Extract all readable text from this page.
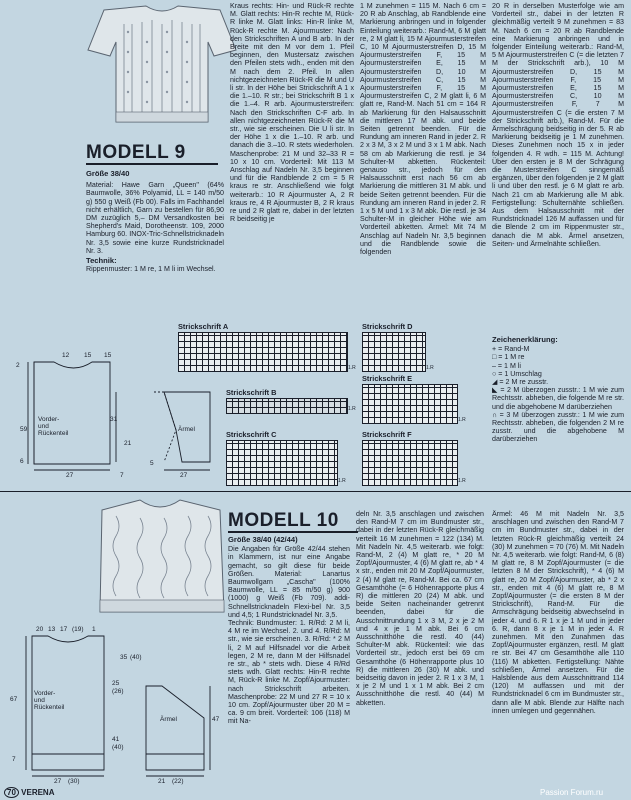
MODELL 9

Größe 38/40

Material: Hawe Garn „Queen" (64% Baumwolle, 36% Polyamid, LL = 140 m/50 g) 550 g Weiß (Fb 00). Falls im Fachhandel nicht erhältlich, Garn zu bestellen für 86,90 DM zuzüglich 5,– DM Versandkosten bei Shepherd's Maid, Dorotheenstr. 109, 2000 Hamburg 60. INOX-Tric-Schnellstricknadeln Nr. 3,5 sowie eine kurze Rundstricknadel Nr. 3.

Technik:

Rippenmuster: 1 M re, 1 M li im Wechsel.

Kraus rechts: Hin- und Rück-R rechte M. Glatt rechts: Hin-R rechte M, Rück-R linke M. Glatt links: Hin-R linke M, Rück-R rechte M. Ajourmuster: Nach den Strickschriften A und B arb. In der Breite mit den M vor dem 1. Pfeil beginnen, den Mustersatz zwischen den Pfeilen stets wdh., enden mit den M nach dem 2. Pfeil. In allen nichtgezeichneten Rück-R die M und U li str. In der Höhe bei Strickschrift A 1 x die 1.–10. R str.; bei Strickschrift B 1 x die 1.–4. R arb. Ajourmusterstreifen: Nach den Strickschriften C-F arb. In allen nichtgezeichneten Rück-R die M str., wie sie erscheinen. Die U li str. In der Höhe 1 x die 1.–10. R arb. und danach die 3.–10. R stets wiederholen. Maschenprobe: 21 M und 32–33 R = 10 x 10 cm. Vorderteil: Mit 113 M Anschlag auf Nadeln Nr. 3,5 beginnen und für die Randblende 2 cm = 5 R kraus re str. Anschließend wie folgt weiterarb.: 10 R Ajourmuster A, 2 R kraus re, 4 R Ajourmuster B, 2 R kraus re und 2 R glatt re, dabei in der letzten R beidseitig je
1 M zunehmen = 115 M. Nach 6 cm = 20 R ab Anschlag, ab Randblende eine Markierung anbringen und in folgender Einteilung weiterarb.: Rand-M, 6 M glatt re, 2 M glatt li, 15 M Ajourmusterstreifen C, 10 M Ajourmusterstreifen D, 15 M Ajourmusterstreifen F, 15 M Ajourmusterstreifen E, 15 M Ajourmusterstreifen D, 10 M Ajourmusterstreifen C, 15 M Ajourmusterstreifen F, 15 M Ajourmusterstreifen C, 2 M glatt li, 6 M glatt re, Rand-M. Nach 51 cm = 164 R ab Markierung für den Halsausschnitt die mittleren 17 M abk. und beide Seiten getrennt beenden. Für die Rundung am inneren Rand in jeder 2. R 2 x 3 M, 3 x 2 M und 3 x 1 M abk. Nach 58 cm ab Markierung die restl. je 34 Schulter-M abketten. Rückenteil: genauso str., jedoch für den Halsausschnitt erst nach 56 cm ab Markierung die mittleren 31 M abk. und beide Seiten getrennt beenden. Für die Rundung am inneren Rand in jeder 2. R 1 x 5 M und 1 x 3 M abk. Die restl. je 34 Schulter-M in gleicher Höhe wie am Vorderteil abketten. Ärmel: Mit 74 M Anschlag auf Nadeln Nr. 3,5 beginnen und die Randblende sowie die folgenden
20 R in derselben Musterfolge wie am Vorderteil str., dabei in der letzten R gleichmäßig verteilt 9 M zunehmen = 83 M. Nach 6 cm = 20 R ab Randblende eine Markierung anbringen und in folgender Einteilung weiterarb.: Rand-M, 5 M Ajourmusterstreifen C (= die letzten 7 M der Strickschrift arb.), 10 M Ajourmusterstreifen D, 15 M Ajourmusterstreifen F, 15 M Ajourmusterstreifen E, 15 M Ajourmusterstreifen C, 10 M Ajourmusterstreifen F, 7 M Ajourmusterstreifen C (= die ersten 7 M der Strickschrift arb.), Rand-M. Für die Ärmelschrägung beidseitig in der 5. R ab Markierung beidseitig je 1 M zunehmen. Dieses Zunehmen noch 15 x in jeder folgenden 4. R wdh. = 115 M. Achtung! Über den ersten je 8 M der Schrägung die Musterstreifen C sinngemäß ergänzen, über den folgenden je 2 M glatt li und über den restl. je 6 M glatt re arb. Nach 21 cm ab Markierung alle M abk. Fertigstellung: Schulternähte schließen. Aus dem Halsausschnitt mit der Rundstricknadel 126 M auffassen und für die Blende 2 cm im Rippenmuster str., danach die M abk. Ärmel ansetzen, Seiten- und Ärmelnähte schließen.

Zeichenerklärung:

+ = Rand-M

□ = 1 M re

– = 1 M li

○ = 1 Umschlag

◢ = 2 M re zusstr.

◣ = 2 M überzogen zusstr.: 1 M wie zum Rechtsstr. abheben, die folgende M re str. und die abgehobene M darüberziehen

∩ = 3 M überzogen zusstr.: 1 M wie zum Rechtsstr. abheben, die folgenden 2 M re zusstr. und die abgehobene M darüberziehen

12 15 15
2
59
6
Vorder-
und
Rückenteil
27
Ärmel
31
21
5
27
7
Strickschrift A
1.R
Strickschrift B
1.R
Strickschrift C
1.R
Strickschrift D
1.R
Strickschrift E
1.R
Strickschrift F
1.R
MODELL 10

Größe 38/40 (42/44)

Die Angaben für Größe 42/44 stehen in Klammern, ist nur eine Angabe gemacht, so gilt diese für beide Größen. Material: Lanartus Baumwollgarn „Cascha" (100% Baumwolle, LL = 85 m/50 g) 900 (1000) g Weiß (Fb 709). addi-Schnellstricknadeln Flexi-bel Nr. 3,5 und 4,5; 1 Rundstricknadel Nr. 3,5.

Technik: Bundmuster: 1. R/Rd: 2 M li, 4 M re im Wechsel. 2. und 4. R/Rd: M str., wie sie erscheinen. 3. R/Rd: * 2 M li, 2 M auf Hilfsnadel vor die Arbeit legen, 2 M re, dann M der Hilfsnadel re str., ab * stets wdh. Diese 4 R/Rd stets wdh. Glatt rechts: Hin-R rechte M, Rück-R linke M. Zopf/Ajourmuster: nach Strickschrift arbeiten. Maschenprobe: 22 M und 27 R = 10 x 10 cm. Zopf/Ajourmuster über 20 M = ca. 9 cm breit. Vorderteil: 106 (118) M mit Na-

deln Nr. 3,5 anschlagen und zwischen den Rand-M 7 cm im Bundmuster str., dabei in der letzten Rück-R gleichmäßig verteilt 16 M zunehmen = 122 (134) M. Mit Nadeln Nr. 4,5 weiterarb. wie folgt: Rand-M, 2 (4) M glatt re, * 20 M Zopf/Ajourmuster, 4 (6) M glatt re, ab * 4 x str., enden mit 20 M Zopf/Ajourmuster, 2 (4) M glatt re, Rand-M. Bei ca. 67 cm Gesamthöhe (= 6 Höhenrapporte plus 4 R) die mittleren 20 (24) M abk. und beide Seiten nacheinander getrennt beenden, dabei für die Ausschnittrundung 1 x 3 M, 2 x je 2 M und 4 x je 1 M abk. Bei 6 cm Ausschnitthöhe die restl. 40 (44) Schulter-M abk. Rückenteil: wie das Vorderteil str., jedoch erst bei 69 cm Gesamthöhe (6 Höhenrapporte plus 10 R) die mittleren 26 (30) M abk. und beidseitig davon in jeder 2. R 1 x 3 M, 1 x je 2 M und 1 x 1 M abk. Bei 2 cm Ausschnitthöhe die restl. 40 (44) M abketten.
Ärmel: 46 M mit Nadeln Nr. 3,5 anschlagen und zwischen den Rand-M 7 cm im Bundmuster str., dabei in der letzten Rück-R gleichmäßig verteilt 24 (30) M zunehmen = 70 (76) M. Mit Nadeln Nr. 4,5 weiterarb. wie folgt: Rand-M, 6 (8) M glatt re, 8 M Zopf/Ajourmuster (= die letzten 8 M der Strickschrift), * 4 (6) M glatt re, 20 M Zopf/Ajourmuster, ab * 2 x str., enden mit 4 (6) M glatt re, 8 M Zopf/Ajourmuster (= die ersten 8 M der Strickschrift), Rand-M. Für die Armschrägung beidseitig abwechselnd in jeder 4. und 6. R 1 x je 1 M und in jeder 6. R, dann 8 x je 1 M in jeder 4. R zunehmen. Mit den Zunahmen das Zopf/Ajourmuster ergänzen, restl. M glatt re str. Bei 47 cm Gesamthöhe alle 110 (116) M abketten. Fertigstellung: Nähte schließen, Ärmel ansetzen. Für die Halsblende aus dem Ausschnittrand 114 (120) M auffassen und mit der Rundstricknadel 6 cm im Bundmuster str., dann alle M abk. Blende zur Hälfte nach innen umlegen und gegennähen.
20 13 17 (19) 1
Vorder-
und
Rückenteil
67
7
27 (30)
25
(26)
35 (40)
Ärmel	47
41
(40)
21 (22)
70 VERENA	Passion Forum.ru
